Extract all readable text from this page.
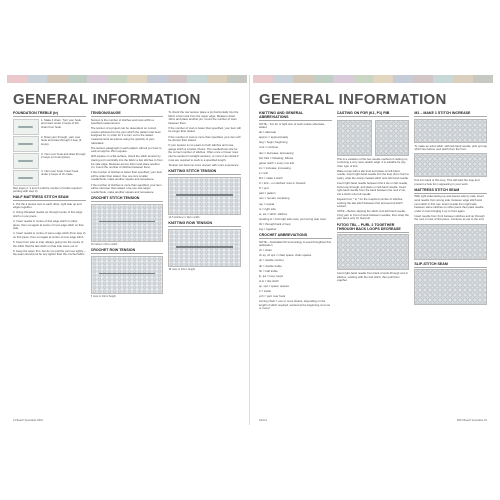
GENERAL INFORMATION
FOUNDATION TREBLE (tr)

1. Make 4 chain. Turn your hook and insert under 2 loops of 4th chain from hook.

2. Draw yarn through, yarn over hook and draw through 1 loop (3 loops).

3. Yarn over hook and draw through 2 loops on hook (twice).

4. Yarn over hook. Insert hook under 2 loops of ch made.

Rep steps 2, 3 and 4 until the number of treble required (ending with step 3).

HALF MATTRESS STITCH SEAM

1. Put the 2 pieces next to each other, right side up and edges together.

2. Using threaded needle up through centre of first edge stitch on one piece.

3. Insert needle in centre of first edge stitch on other piece, then out again at centre of next edge stitch on that side.

4. Insert needle in centre of same edge stitch (from step 2) on first piece, then out again at centre of next edge stitch.

5. Keep from side to side, always going into the centre of the stitch that the last stitch on that side came out of.

6. Keep the seam firm, but do not pull the yarn too tightly – the seam should not be any tighter than the crochet fabric.

TENSION/GAUGE

Tension is the number of stitches and rows within a specified measurement.

The tension of a project can be dependent on correct tension achieved for the yarn which the pattern has been designed for. In order for it to turn out to the stated measurements as well as using the quantity of yarn calculated.

The tension paragraph in each pattern will tell you how to work an approx 15cm square.

With square on a flat surface, check the stitch tension by placing a pin vertically into the fabric a few stitches in from the side edge. Measure across 10cm and place another pin. Count the number of stitches between them.

If the number of stitches is fewer than specified, your item will be wider than stated. Use one size smaller needle/hook, make another square and remeasure.

If the number of stitches is more than specified, your item will be narrower than stated. Use one size larger needle/hook, make another square and remeasure.

CROCHET STITCH TENSION
16 treble in 10cm width
CROCHET ROW TENSION
8 rows in 10cm height

To check the row tension place a pin horizontally into the fabric a few rows from the upper edge. Measure down 10cm and place another pin. Count the number of rows between them.

If the number of rows is fewer than specified, your item will be longer than stated.

If the number of rows is more than specified, your item will be shorter than stated.

If your tension is not exact on both stitches and rows, gauge stitch is a better choice. The needle/hook size for the correct number of stitches. Often once or fewer rows can be worked in straight sections, or more if as critical if rows are required to work to a specified length.

Tension can become more uneven with more experience.

KNITTING STITCH TENSION
13.5 stitches in 10cm width
KNITTING ROW TENSION
18 rows in 10cm height
14 Beach Specialise MM1
GENERAL INFORMATION
KNITTING AND GENERAL ABBREVIATIONS

NOTE – For fur or light size of work unless otherwise stated

alt = alternate

approx = approximately

beg = begin; beginning

cont = continue

dec = decrease; decreasing

foll, folls = following; follows

garter stitch = every row knit

inc = increase; increasing

k = knit

M1 = make 1 stitch

K = knit – no stitched, knot or forward

P = purl

patt = pattern

rem = remain; remaining

rep = repeat

rs = right side

st, sts = stitch; stitches

stocking st = knit right side rows, purl wrong side rows

tbl = through back of loop

tog = together

CROCHET ABBREVIATIONS

NOTE – Australian/UK terminology is used throughout this publication

ch = chain

ch sp, ch sps = chain space; chain spaces

dc = double crochet

dtr = double treble

htr = half treble

lp, lps = loop; loops

sl st = slip stitch

sp, sps = space; spaces

tr = treble

yoh = yarn over hook

turning chain = one or more chains, depending on the length of stitch required, worked at the beginning of a row or round

CASTING ON FOR (K1, P1) RIB

This is a variation of the two needle method of casting on, producing a very neat, elastic edge. It is suitable for any other type of knit.

Make a loop with a slip knot and place on left-hand needle. Insert right-hand needle into the loop (from front to back), wrap the newly created stitch onto left hand needle.

Insert right-hand needle between first 2 sts on left needle, draw loop through, and place on left-hand needle. Insert right-hand needle from the back between the next 2 sts, knit a stitch onto left needle.

Repeat from * to * for the required number of stitches, working the last stitch between first and second stitch worked.

NOTE – Before slipping the stitch onto left hand needle, bring yarn to front of work between needles, then wrap the yarn twice only for that purl.

P2TOG TBL – PURL 2 TOGETHER THROUGH BACK LOOPS DECREASE

Insert right-hand needle from back of work through next 2 stitches, working with the 2nd stitch, then pull them together.

M1 – MAKE 1 STITCH INCREASE

To make an extra stitch, with left-hand needle, pick up loop which lies before next stitch from the front.

Knit into back of this loop. This will twist the loop and prevent a hole from appearing in your work.

MATTRESS STITCH SEAM

With right sides facing up and pieces side by side, insert wool needle from wrong side, between edge stitch and next stitch in first row. Insert needle from right side between same stitches on other piece then pass needle under 2 rows bringing it up to front again.

Insert needle from front between stitches and up through the next 2 rows of first piece. Continue as set to the end.

SLIP-STITCH SEAM
Patons	MM1 Beach Specialise 15
